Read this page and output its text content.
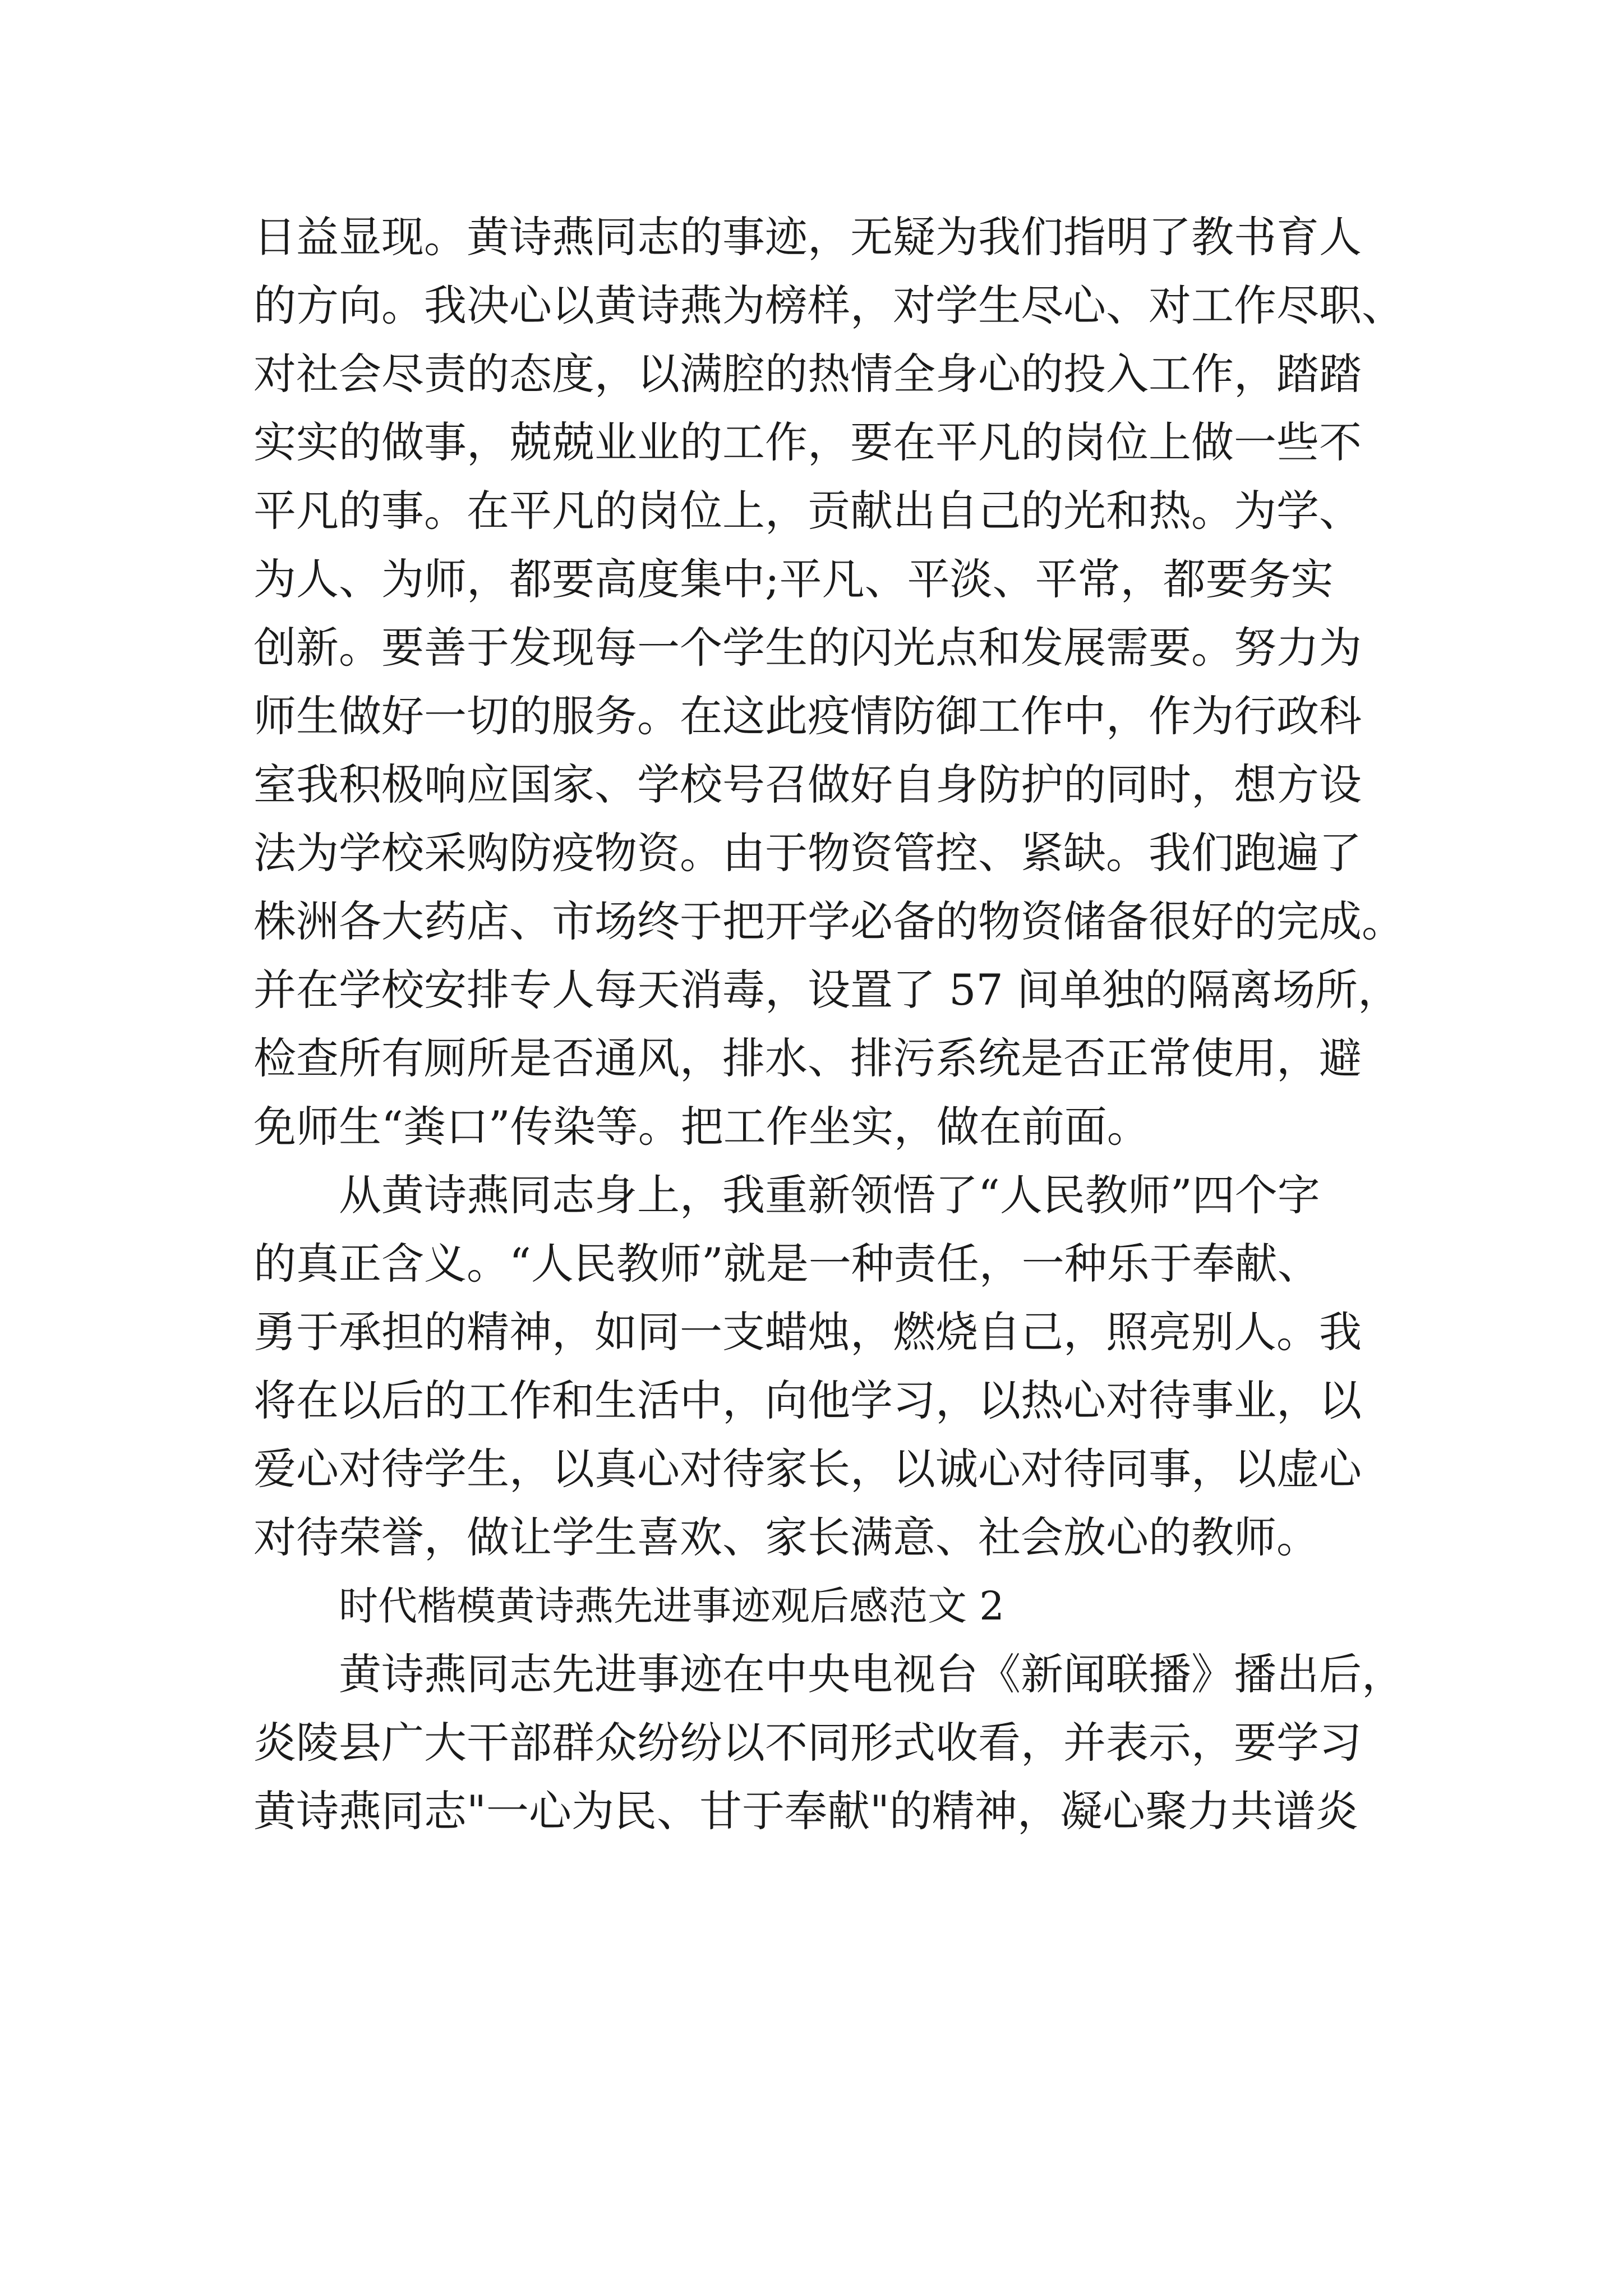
日益显现。黄诗燕同志的事迹，无疑为我们指明了教书育人
的方向。我决心以黄诗燕为榜样，对学生尽心、对工作尽职、
对社会尽责的态度，以满腔的热情全身心的投入工作，踏踏
实实的做事，兢兢业业的工作，要在平凡的岗位上做一些不
平凡的事。在平凡的岗位上，贡献出自己的光和热。为学、
为人、为师，都要高度集中;平凡、平淡、平常，都要务实
创新。要善于发现每一个学生的闪光点和发展需要。努力为
师生做好一切的服务。在这此疫情防御工作中，作为行政科
室我积极响应国家、学校号召做好自身防护的同时，想方设
法为学校采购防疫物资。由于物资管控、紧缺。我们跑遍了
株洲各大药店、市场终于把开学必备的物资储备很好的完成。
并在学校安排专人每天消毒，设置了 57 间单独的隔离场所，
检查所有厕所是否通风，排水、排污系统是否正常使用，避
免师生“粪口”传染等。把工作坐实，做在前面。
从黄诗燕同志身上，我重新领悟了“人民教师”四个字
的真正含义。“人民教师”就是一种责任，一种乐于奉献、
勇于承担的精神，如同一支蜡烛，燃烧自己，照亮别人。我
将在以后的工作和生活中，向他学习，以热心对待事业，以
爱心对待学生，以真心对待家长，以诚心对待同事，以虚心
对待荣誉，做让学生喜欢、家长满意、社会放心的教师。
时代楷模黄诗燕先进事迹观后感范文 2
黄诗燕同志先进事迹在中央电视台《新闻联播》播出后，
炎陵县广大干部群众纷纷以不同形式收看，并表示，要学习
黄诗燕同志"一心为民、甘于奉献"的精神，凝心聚力共谱炎
